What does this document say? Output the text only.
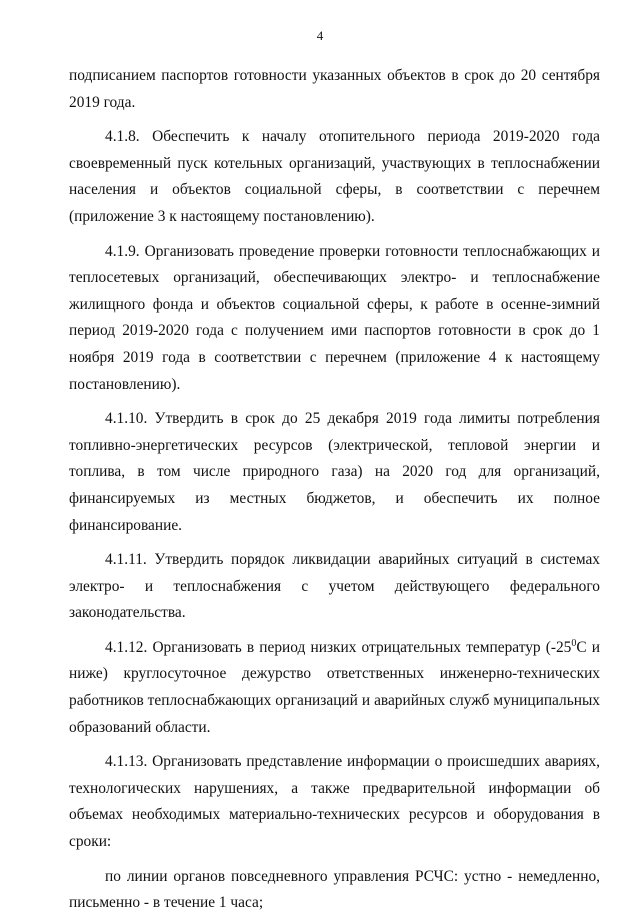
4

подписанием паспортов готовности указанных объектов в срок до 20 сентября 2019 года.

4.1.8. Обеспечить к началу отопительного периода 2019-2020 года своевременный пуск котельных организаций, участвующих в теплоснабжении населения и объектов социальной сферы, в соответствии с перечнем (приложение 3 к настоящему постановлению).

4.1.9. Организовать проведение проверки готовности теплоснабжающих и теплосетевых организаций, обеспечивающих электро- и теплоснабжение жилищного фонда и объектов социальной сферы, к работе в осенне-зимний период 2019-2020 года с получением ими паспортов готовности в срок до 1 ноября 2019 года в соответствии с перечнем (приложение 4 к настоящему постановлению).

4.1.10. Утвердить в срок до 25 декабря 2019 года лимиты потребления топливно-энергетических ресурсов (электрической, тепловой энергии и топлива, в том числе природного газа) на 2020 год для организаций, финансируемых из местных бюджетов, и обеспечить их полное финансирование.

4.1.11. Утвердить порядок ликвидации аварийных ситуаций в системах электро- и теплоснабжения с учетом действующего федерального законодательства.

4.1.12. Организовать в период низких отрицательных температур ($-25^0С$ и ниже) круглосуточное дежурство ответственных инженерно-технических работников теплоснабжающих организаций и аварийных служб муниципальных образований области.

4.1.13. Организовать представление информации о происшедших авариях, технологических нарушениях, а также предварительной информации об объемах необходимых материально-технических ресурсов и оборудования в сроки:

по линии органов повседневного управления РСЧС: устно - немедленно, письменно - в течение 1 часа;
